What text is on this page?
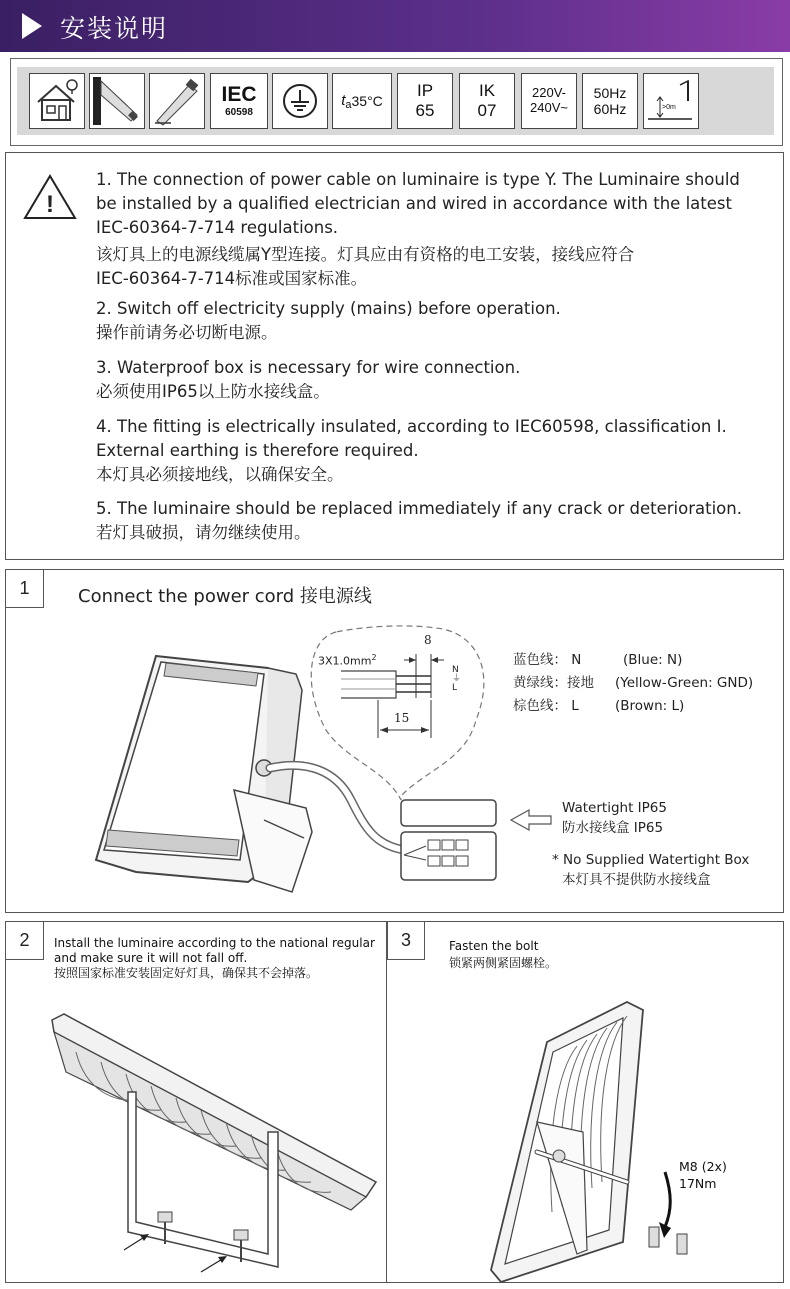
安装说明
IEC
60598
t a 35°C
IP
65
IK
07
220V-
240V~
50Hz
60Hz	>0m
!
1. The connection of power cable on luminaire is type Y. The Luminaire should
be installed by a qualified electrician and wired in accordance with the latest
IEC-60364-7-714 regulations.
该灯具上的电源线缆属Y型连接。灯具应由有资格的电工安装，接线应符合
IEC-60364-7-714标准或国家标准。
2. Switch off electricity supply (mains) before operation.
操作前请务必切断电源。
3. Waterproof box is necessary for wire connection.
必须使用IP65以上防水接线盒。
4. The fitting is electrically insulated, according to IEC60598, classification I.
External earthing is therefore required.
本灯具必须接地线，以确保安全。
5. The luminaire should be replaced immediately if any crack or deterioration.
若灯具破损，请勿继续使用。
1	Connect the power cord 接电源线
$3X1.0mm^2$
8
15
N
⏚
L
蓝色线： N	(Blue: N)
黄绿线：接地 (Yellow-Green: GND)
棕色线： L	(Brown: L)
Watertight IP65
防水接线盒 IP65
* No Supplied Watertight Box
本灯具不提供防水接线盒
2	Install the luminaire according to the national regular
and make sure it will not fall off.
按照国家标准安装固定好灯具，确保其不会掉落。
3	Fasten the bolt
锁紧两侧紧固螺栓。
M8 (2x)
17Nm
